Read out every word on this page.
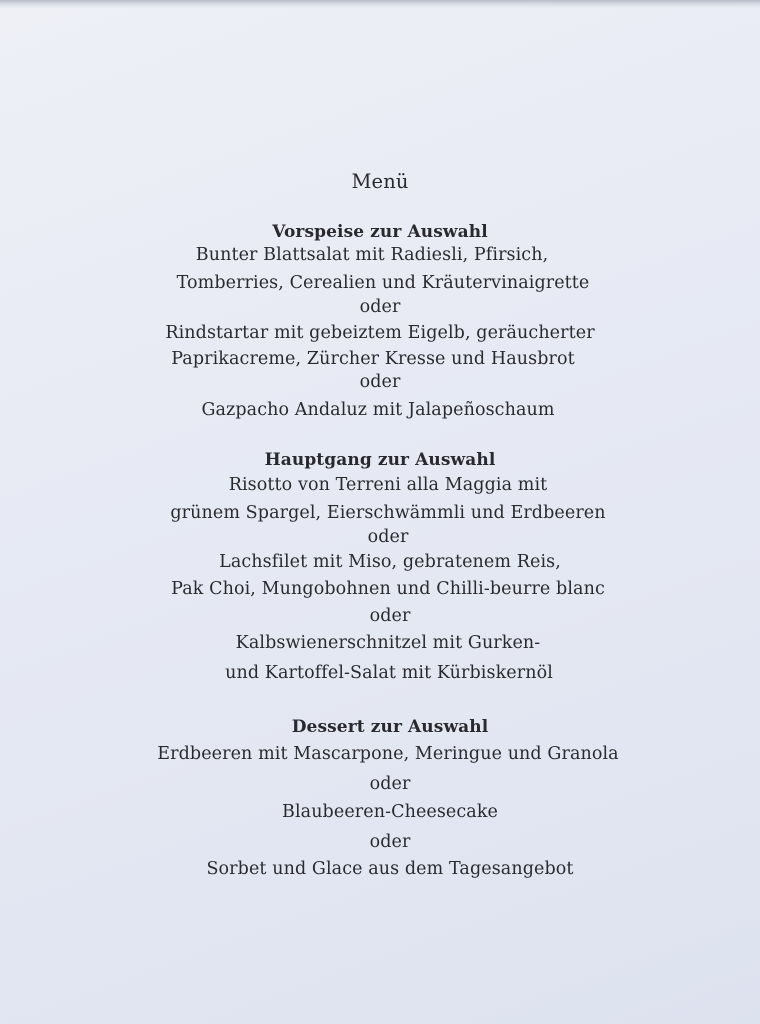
Menü
Vorspeise zur Auswahl
Bunter Blattsalat mit Radiesli, Pfirsich,
Tomberries, Cerealien und Kräutervinaigrette
oder
Rindstartar mit gebeiztem Eigelb, geräucherter
Paprikacreme, Zürcher Kresse und Hausbrot
oder
Gazpacho Andaluz mit Jalapeñoschaum
Hauptgang zur Auswahl
Risotto von Terreni alla Maggia mit
grünem Spargel, Eierschwämmli und Erdbeeren
oder
Lachsfilet mit Miso, gebratenem Reis,
Pak Choi, Mungobohnen und Chilli-beurre blanc
oder
Kalbswienerschnitzel mit Gurken-
und Kartoffel-Salat mit Kürbiskernöl
Dessert zur Auswahl
Erdbeeren mit Mascarpone, Meringue und Granola
oder
Blaubeeren-Cheesecake
oder
Sorbet und Glace aus dem Tagesangebot
